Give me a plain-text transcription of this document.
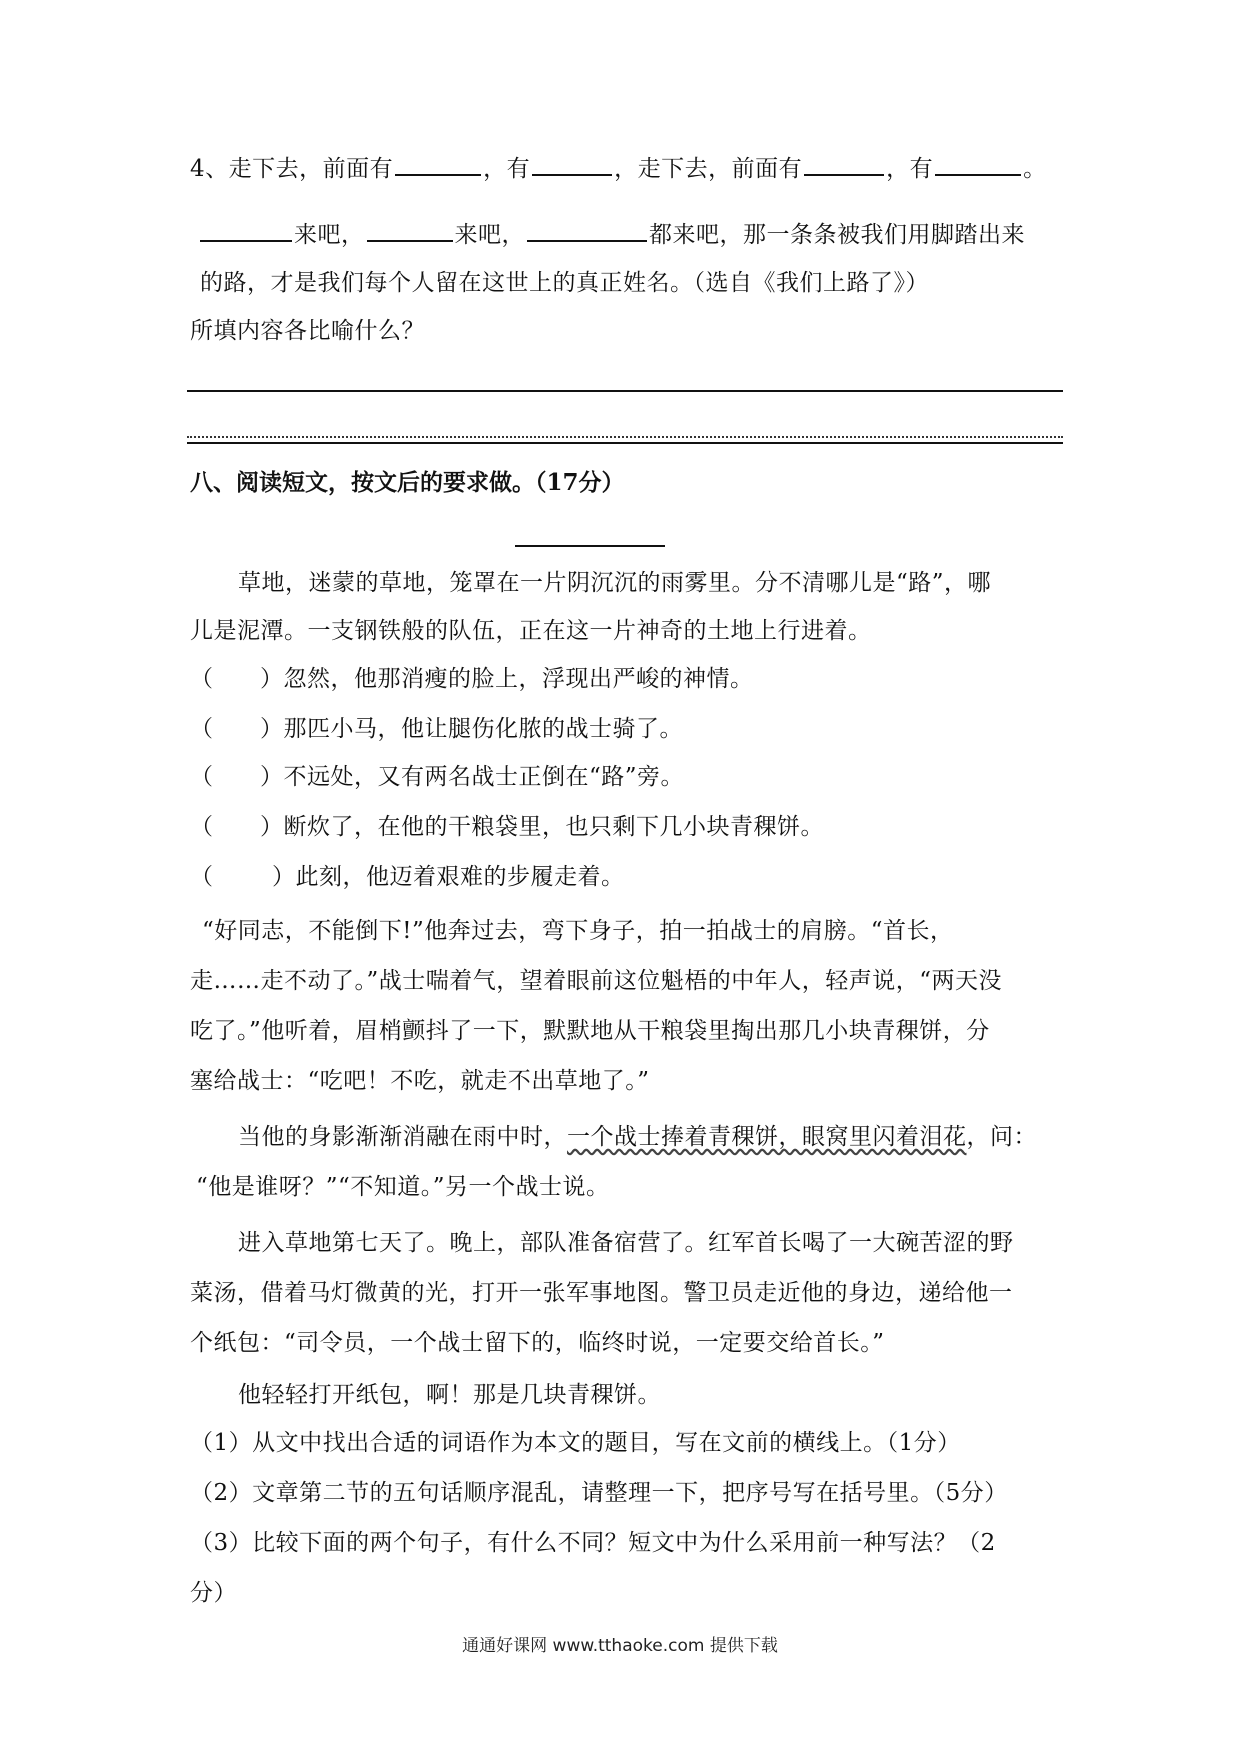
4、走下去，前面有	，有	，走下去，前面有	，有	。
来吧，	来吧，	都来吧，那一条条被我们用脚踏出来
的路，才是我们每个人留在这世上的真正姓名。（选自《我们上路了》）
所填内容各比喻什么？
八、阅读短文，按文后的要求做。（17分）
草地，迷蒙的草地，笼罩在一片阴沉沉的雨雾里。分不清哪儿是“路”，哪
儿是泥潭。一支钢铁般的队伍，正在这一片神奇的土地上行进着。
（ ）忽然，他那消瘦的脸上，浮现出严峻的神情。
（ ）那匹小马，他让腿伤化脓的战士骑了。
（ ）不远处，又有两名战士正倒在“路”旁。
（ ）断炊了，在他的干粮袋里，也只剩下几小块青稞饼。
（	）此刻，他迈着艰难的步履走着。
“好同志，不能倒下!”他奔过去，弯下身子，拍一拍战士的肩膀。“首长，
走……走不动了。”战士喘着气，望着眼前这位魁梧的中年人，轻声说，“两天没
吃了。”他听着，眉梢颤抖了一下，默默地从干粮袋里掏出那几小块青稞饼，分
塞给战士：“吃吧！不吃，就走不出草地了。”
当他的身影渐渐消融在雨中时，一个战士捧着青稞饼，眼窝里闪着泪花，问：
“他是谁呀？”“不知道。”另一个战士说。
进入草地第七天了。晚上，部队准备宿营了。红军首长喝了一大碗苦涩的野
菜汤，借着马灯微黄的光，打开一张军事地图。警卫员走近他的身边，递给他一
个纸包：“司令员，一个战士留下的，临终时说，一定要交给首长。”
他轻轻打开纸包，啊！那是几块青稞饼。
（1）从文中找出合适的词语作为本文的题目，写在文前的横线上。（1分）
（2）文章第二节的五句话顺序混乱，请整理一下，把序号写在括号里。（5分）
（3）比较下面的两个句子，有什么不同？短文中为什么采用前一种写法？（2
分）
通通好课网 www.tthaoke.com 提供下载
